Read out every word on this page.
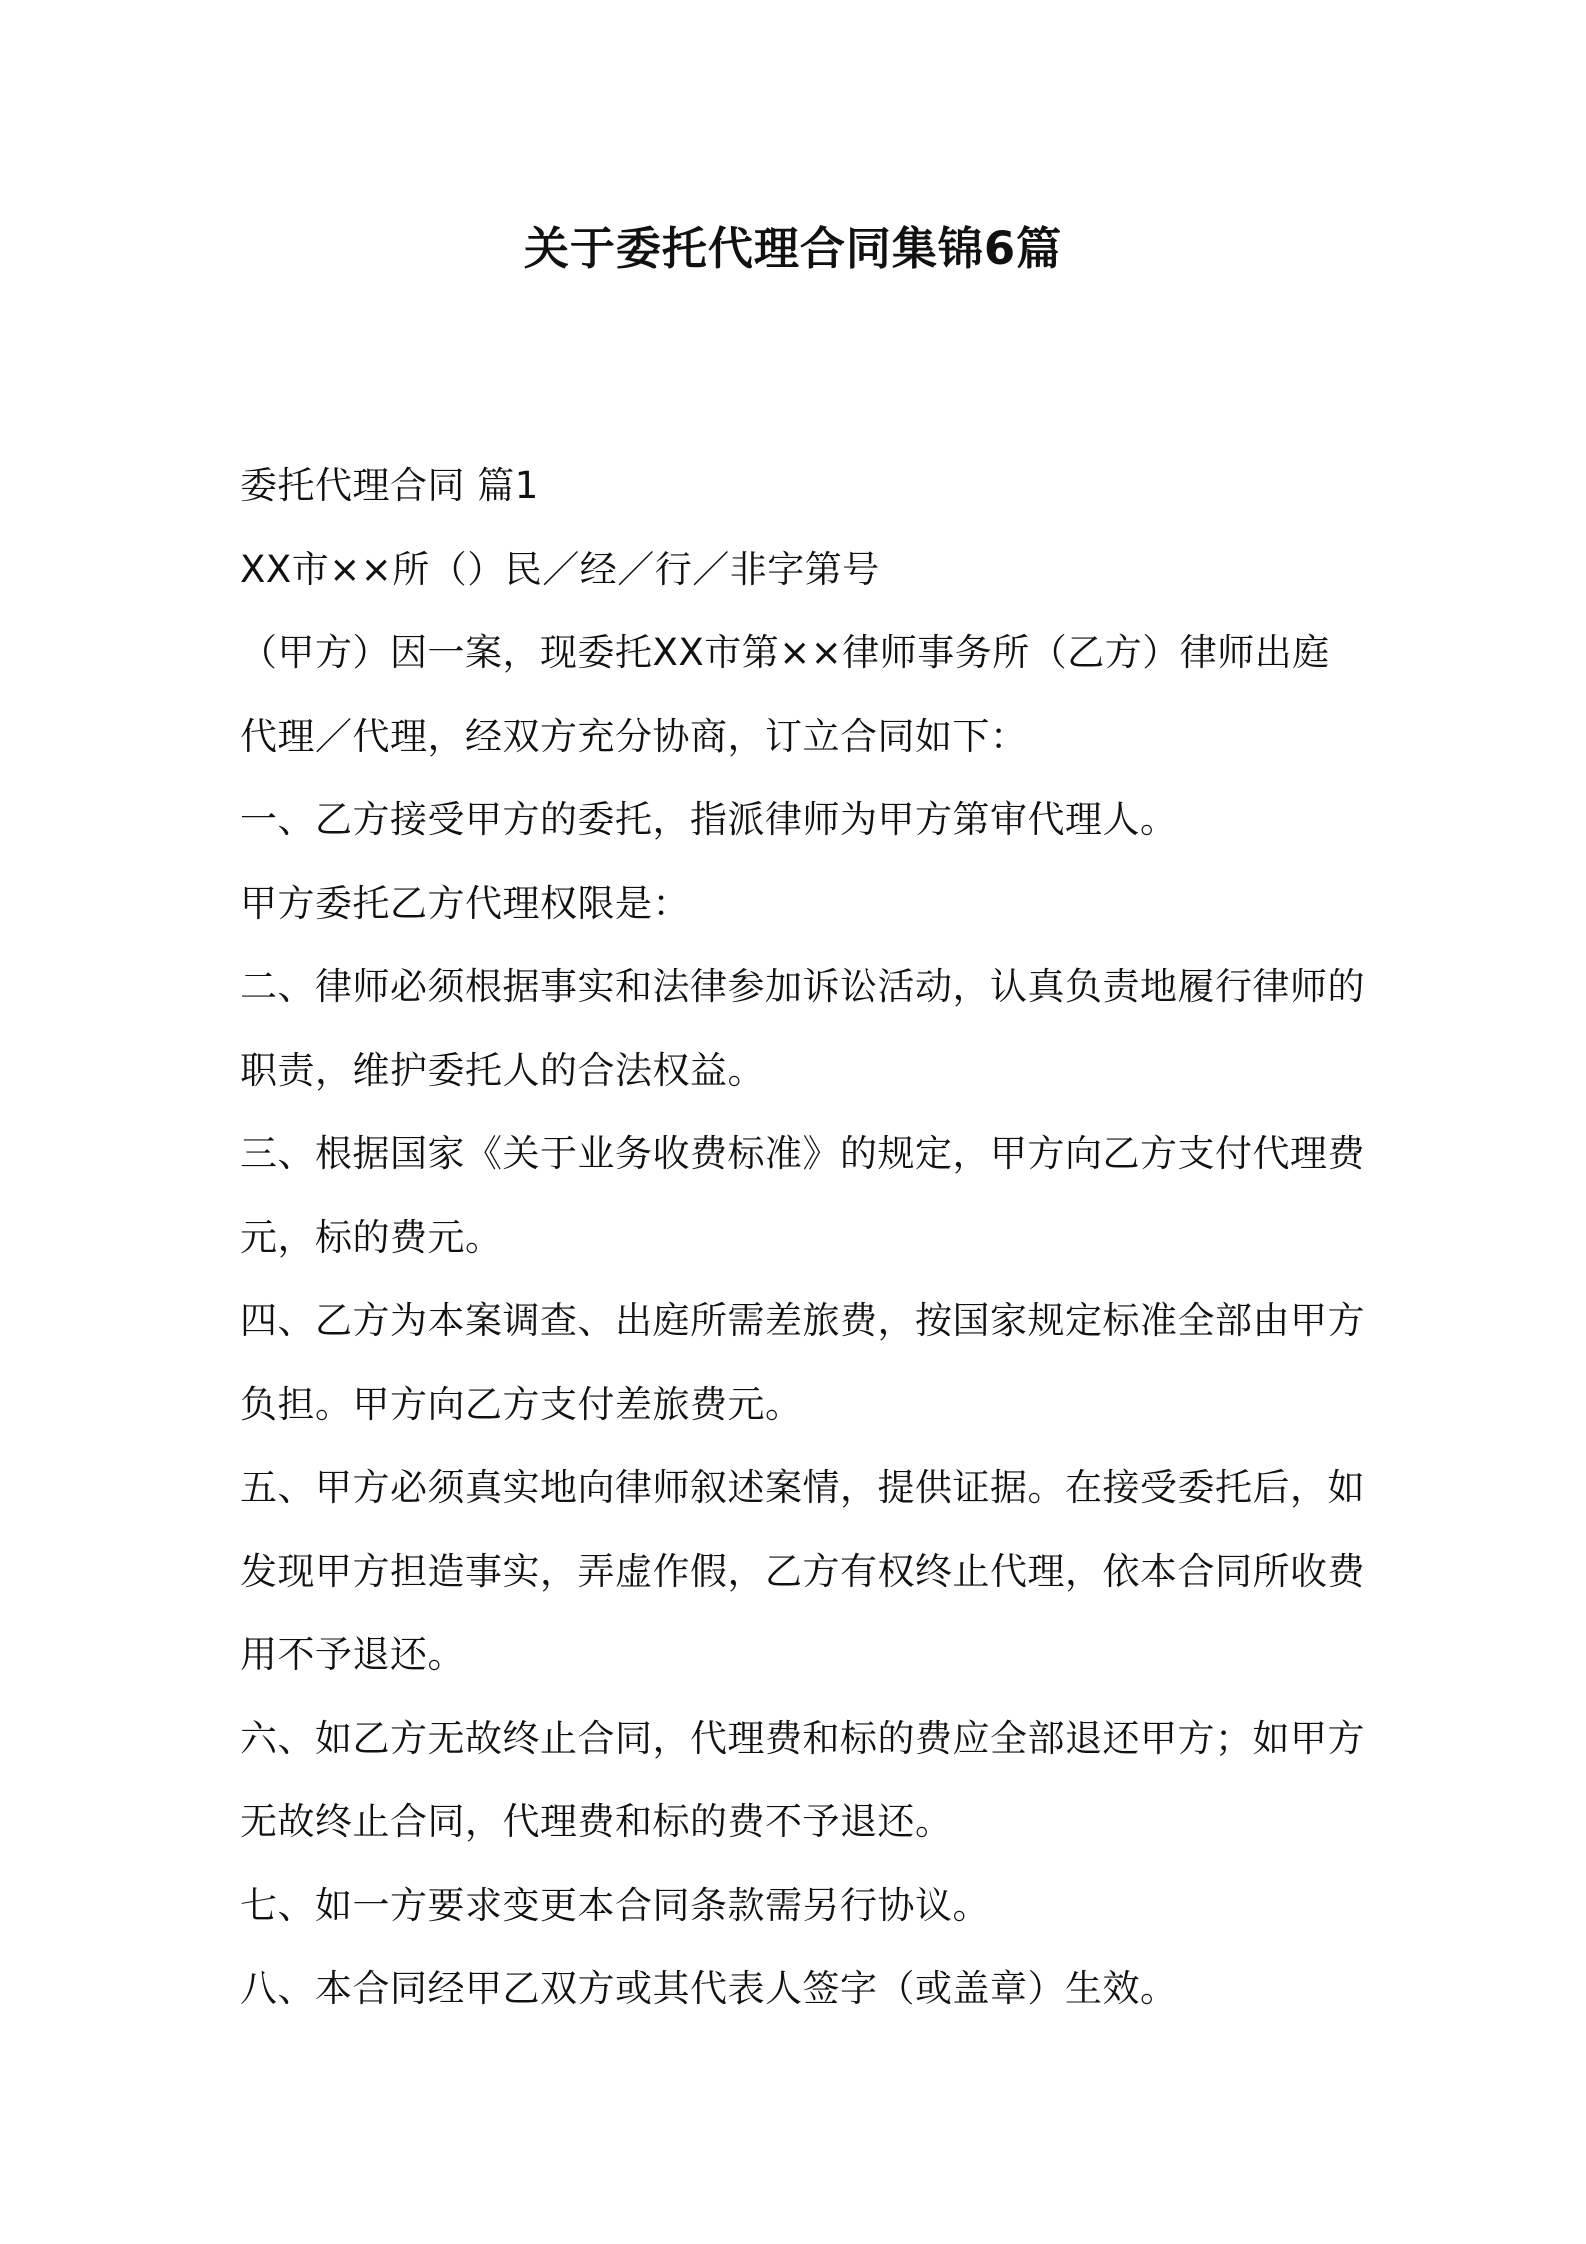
关于委托代理合同集锦6篇
委托代理合同 篇1
XX市××所（）民／经／行／非字第号
（甲方）因一案，现委托XX市第××律师事务所（乙方）律师出庭
代理／代理，经双方充分协商，订立合同如下：
一、乙方接受甲方的委托，指派律师为甲方第审代理人。
甲方委托乙方代理权限是：
二、律师必须根据事实和法律参加诉讼活动，认真负责地履行律师的
职责，维护委托人的合法权益。
三、根据国家《关于业务收费标准》的规定，甲方向乙方支付代理费
元，标的费元。
四、乙方为本案调查、出庭所需差旅费，按国家规定标准全部由甲方
负担。甲方向乙方支付差旅费元。
五、甲方必须真实地向律师叙述案情，提供证据。在接受委托后，如
发现甲方担造事实，弄虚作假，乙方有权终止代理，依本合同所收费
用不予退还。
六、如乙方无故终止合同，代理费和标的费应全部退还甲方；如甲方
无故终止合同，代理费和标的费不予退还。
七、如一方要求变更本合同条款需另行协议。
八、本合同经甲乙双方或其代表人签字（或盖章）生效。
